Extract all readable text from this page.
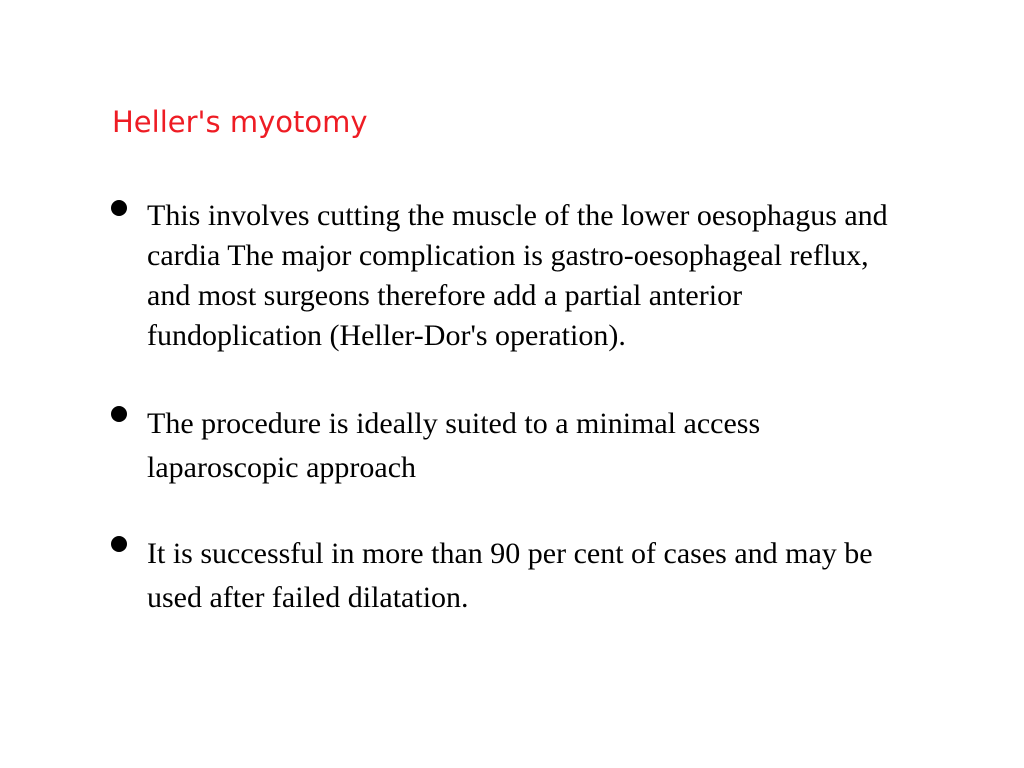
Heller's myotomy

This involves cutting the muscle of the lower oesophagus and cardia The major complication is gastro-oesophageal reflux, and most surgeons therefore add a partial anterior fundoplication (Heller-Dor's operation).

The procedure is ideally suited to a minimal access laparoscopic approach

It is successful in more than 90 per cent of cases and may be used after failed dilatation.
